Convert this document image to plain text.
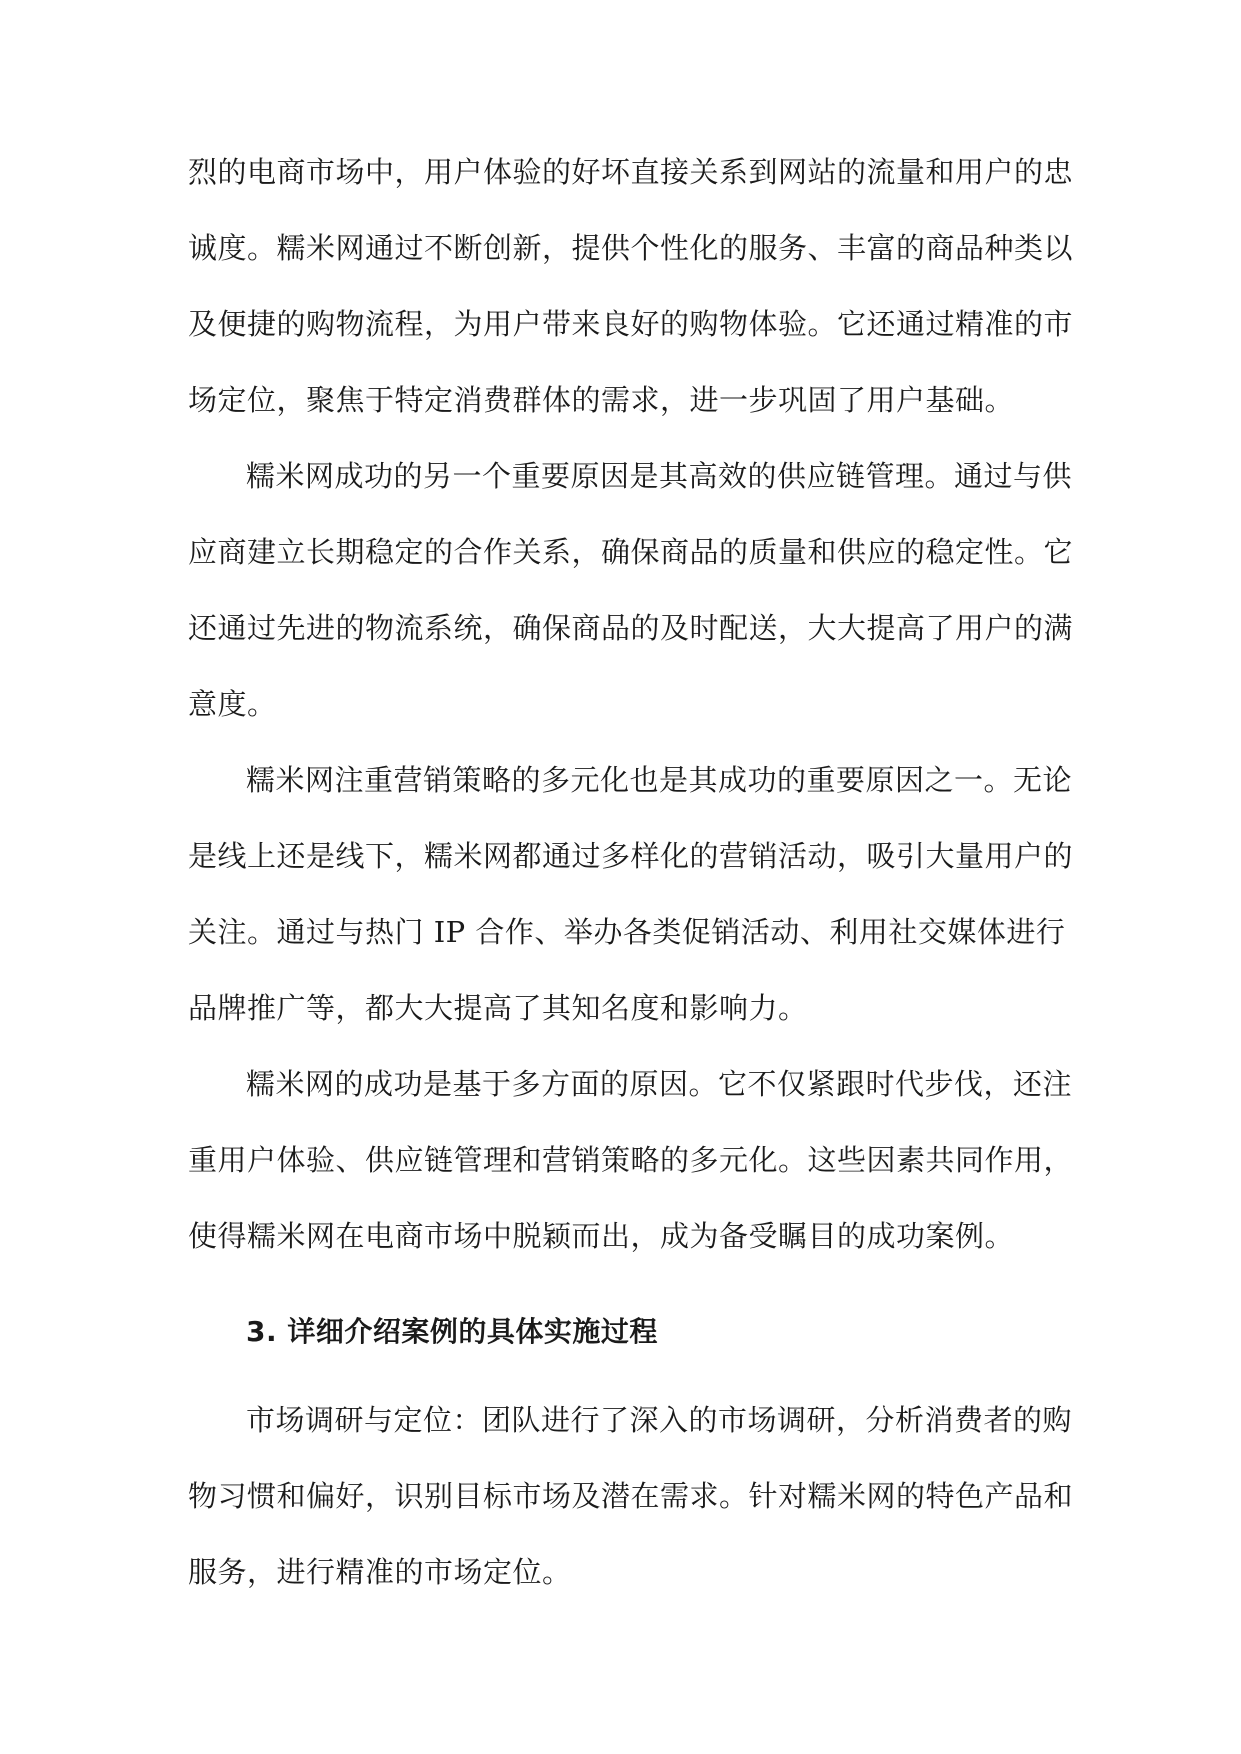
烈的电商市场中，用户体验的好坏直接关系到网站的流量和用户的忠
诚度。糯米网通过不断创新，提供个性化的服务、丰富的商品种类以
及便捷的购物流程，为用户带来良好的购物体验。它还通过精准的市
场定位，聚焦于特定消费群体的需求，进一步巩固了用户基础。
糯米网成功的另一个重要原因是其高效的供应链管理。通过与供
应商建立长期稳定的合作关系，确保商品的质量和供应的稳定性。它
还通过先进的物流系统，确保商品的及时配送，大大提高了用户的满
意度。
糯米网注重营销策略的多元化也是其成功的重要原因之一。无论
是线上还是线下，糯米网都通过多样化的营销活动，吸引大量用户的
关注。通过与热门 IP 合作、举办各类促销活动、利用社交媒体进行
品牌推广等，都大大提高了其知名度和影响力。
糯米网的成功是基于多方面的原因。它不仅紧跟时代步伐，还注
重用户体验、供应链管理和营销策略的多元化。这些因素共同作用，
使得糯米网在电商市场中脱颖而出，成为备受瞩目的成功案例。
3. 详细介绍案例的具体实施过程
市场调研与定位：团队进行了深入的市场调研，分析消费者的购
物习惯和偏好，识别目标市场及潜在需求。针对糯米网的特色产品和
服务，进行精准的市场定位。
